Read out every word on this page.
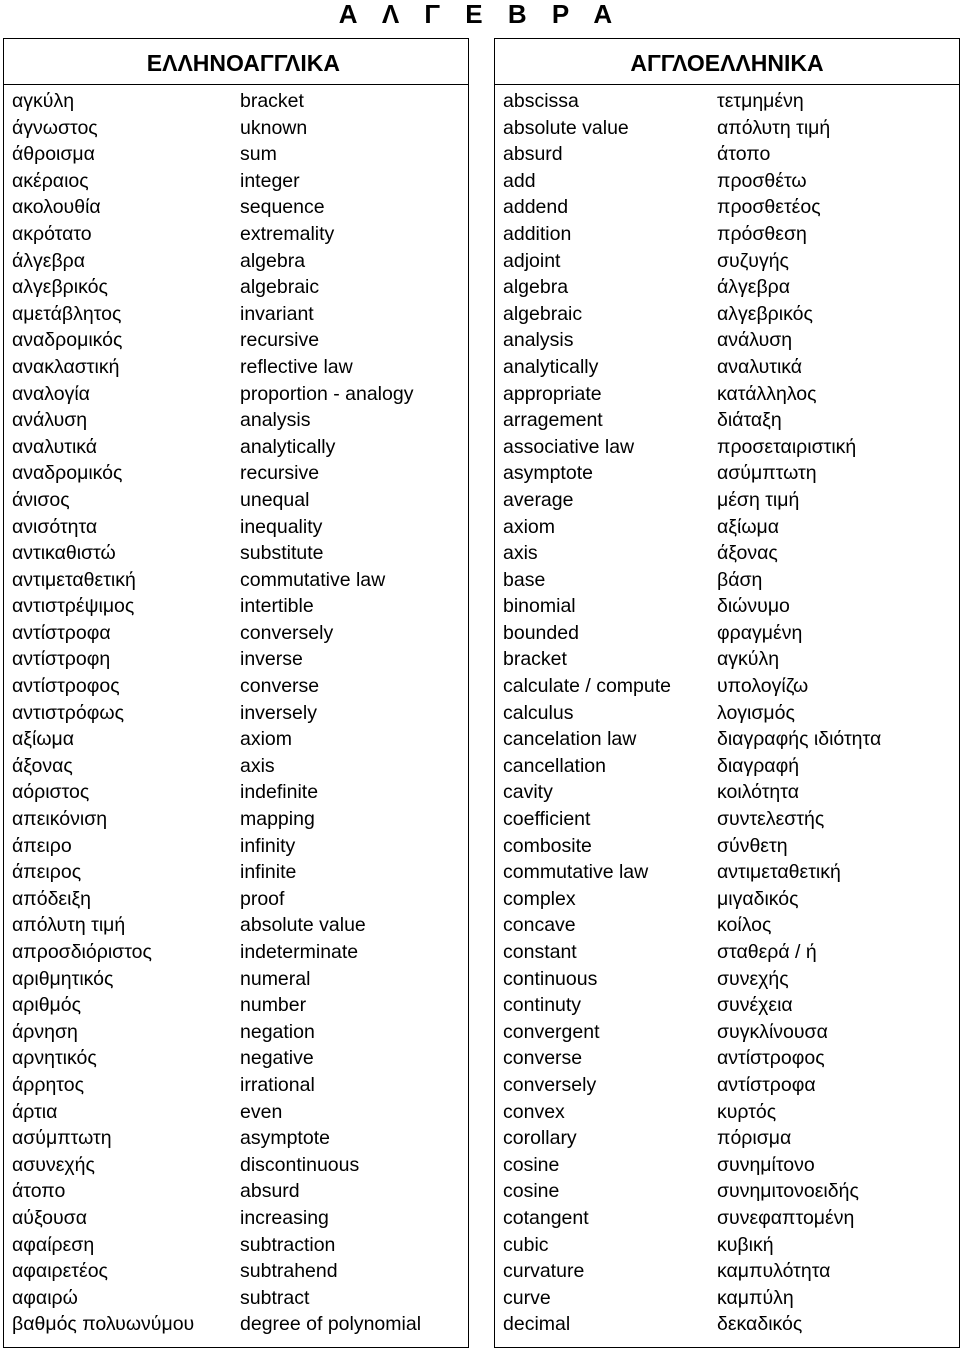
Α Λ Γ Ε Β Ρ Α
ΕΛΛΗΝΟΑΓΓΛΙΚΑ
αγκύλη	bracket
άγνωστος	uknown
άθροισμα	sum
ακέραιος	integer
ακολουθία	sequence
ακρότατο	extremality
άλγεβρα	algebra
αλγεβρικός	algebraic
αμετάβλητος	invariant
αναδρομικός	recursive
ανακλαστική	reflective law
αναλογία	proportion - analogy
ανάλυση	analysis
αναλυτικά	analytically
αναδρομικός	recursive
άνισος	unequal
ανισότητα	inequality
αντικαθιστώ	substitute
αντιμεταθετική	commutative law
αντιστρέψιμος	intertible
αντίστροφα	conversely
αντίστροφη	inverse
αντίστροφος	converse
αντιστρόφως	inversely
αξίωμα	axiom
άξονας	axis
αόριστος	indefinite
απεικόνιση	mapping
άπειρο	infinity
άπειρος	infinite
απόδειξη	proof
απόλυτη τιμή	absolute value
απροσδιόριστος	indeterminate
αριθμητικός	numeral
αριθμός	number
άρνηση	negation
αρνητικός	negative
άρρητος	irrational
άρτια	even
ασύμπτωτη	asymptote
ασυνεχής	discontinuous
άτοπο	absurd
αύξουσα	increasing
αφαίρεση	subtraction
αφαιρετέος	subtrahend
αφαιρώ	subtract
βαθμός πολυωνύμου	degree of polynomial
ΑΓΓΛΟΕΛΛΗΝΙΚΑ
abscissa	τετμημένη
absolute value	απόλυτη τιμή
absurd	άτοπο
add	προσθέτω
addend	προσθετέος
addition	πρόσθεση
adjoint	συζυγής
algebra	άλγεβρα
algebraic	αλγεβρικός
analysis	ανάλυση
analytically	αναλυτικά
appropriate	κατάλληλος
arragement	διάταξη
associative law	προσεταιριστική
asymptote	ασύμπτωτη
average	μέση τιμή
axiom	αξίωμα
axis	άξονας
base	βάση
binomial	διώνυμο
bounded	φραγμένη
bracket	αγκύλη
calculate / compute	υπολογίζω
calculus	λογισμός
cancelation law	διαγραφής ιδιότητα
cancellation	διαγραφή
cavity	κοιλότητα
coefficient	συντελεστής
combosite	σύνθετη
commutative law	αντιμεταθετική
complex	μιγαδικός
concave	κοίλος
constant	σταθερά / ή
continuous	συνεχής
continuty	συνέχεια
convergent	συγκλίνουσα
converse	αντίστροφος
conversely	αντίστροφα
convex	κυρτός
corollary	πόρισμα
cosine	συνημίτονο
cosine	συνημιτονοειδής
cotangent	συνεφαπτομένη
cubic	κυβική
curvature	καμπυλότητα
curve	καμπύλη
decimal	δεκαδικός
